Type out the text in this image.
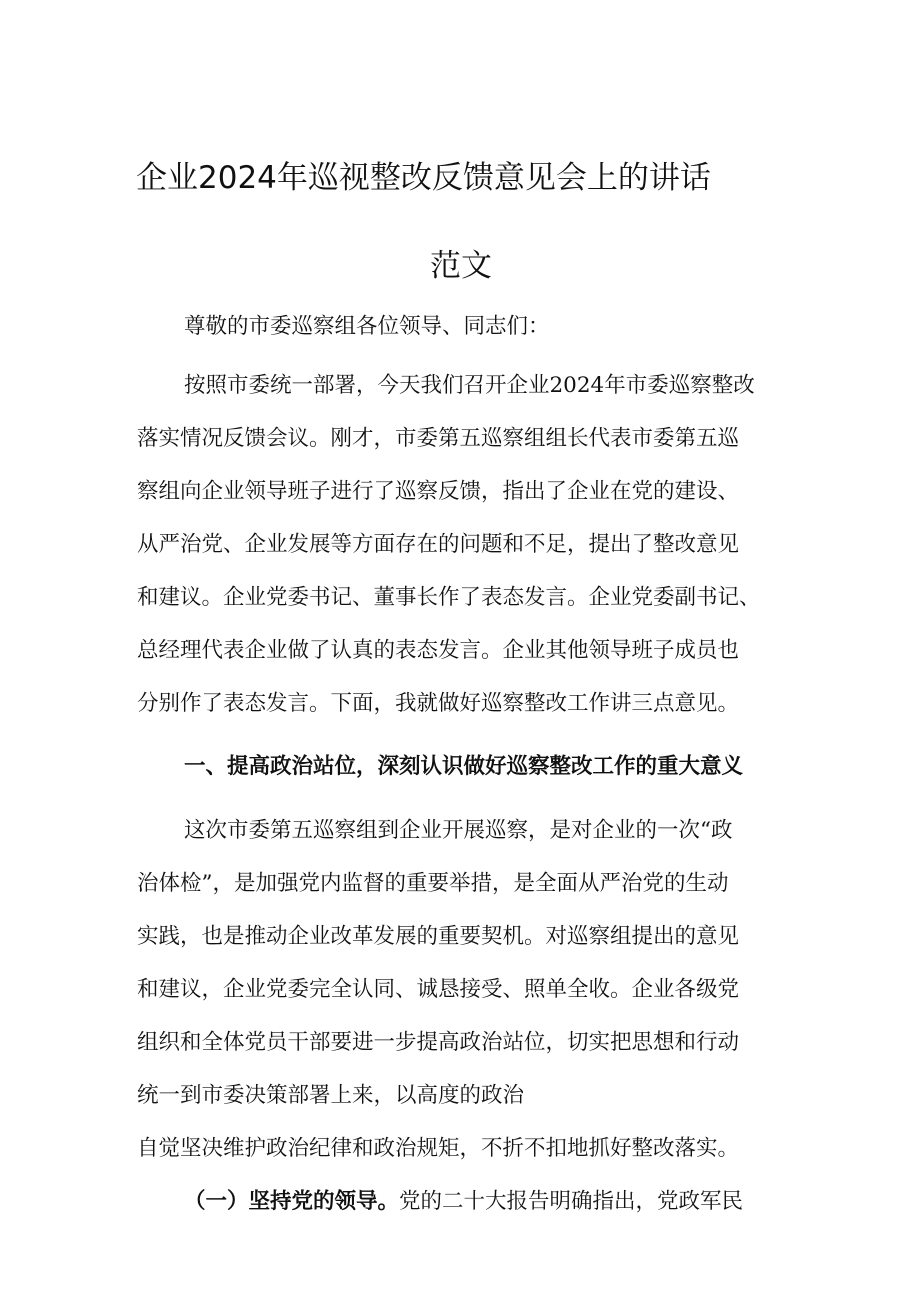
企业2024年巡视整改反馈意见会上的讲话
范文
尊敬的市委巡察组各位领导、同志们：
按照市委统一部署，今天我们召开企业2024年市委巡察整改
落实情况反馈会议。刚才，市委第五巡察组组长代表市委第五巡
察组向企业领导班子进行了巡察反馈，指出了企业在党的建设、
从严治党、企业发展等方面存在的问题和不足，提出了整改意见
和建议。企业党委书记、董事长作了表态发言。企业党委副书记、
总经理代表企业做了认真的表态发言。企业其他领导班子成员也
分别作了表态发言。下面，我就做好巡察整改工作讲三点意见。
一、提高政治站位，深刻认识做好巡察整改工作的重大意义
这次市委第五巡察组到企业开展巡察，是对企业的一次“政
治体检”，是加强党内监督的重要举措，是全面从严治党的生动
实践，也是推动企业改革发展的重要契机。对巡察组提出的意见
和建议，企业党委完全认同、诚恳接受、照单全收。企业各级党
组织和全体党员干部要进一步提高政治站位，切实把思想和行动
统一到市委决策部署上来，以高度的政治
自觉坚决维护政治纪律和政治规矩，不折不扣地抓好整改落实。
（一）坚持党的领导。党的二十大报告明确指出，党政军民
